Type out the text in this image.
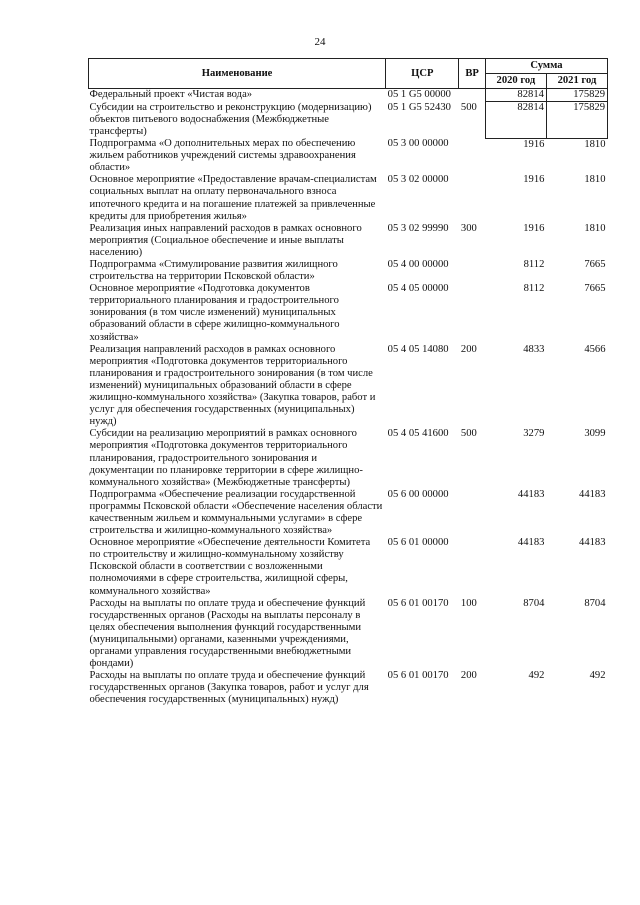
24
Наименование	ЦСР	ВР	Сумма	
			2020 год	2021 год
Федеральный проект «Чистая вода»	05 1 G5 00000		82814	175829
Субсидии на строительство и реконструкцию (модернизацию) объектов питьевого водоснабжения (Межбюджетные трансферты)	05 1 G5 52430	500	82814	175829
Подпрограмма «О дополнительных мерах по обеспечению жильем работников учреждений системы здравоохранения области»	05 3 00 00000		1916	1810
Основное мероприятие «Предоставление врачам-специалистам социальных выплат на оплату первоначального взноса ипотечного кредита и на погашение платежей за привлеченные кредиты для приобретения жилья»	05 3 02 00000		1916	1810
Реализация иных направлений расходов в рамках основного мероприятия (Социальное обеспечение и иные выплаты населению)	05 3 02 99990	300	1916	1810
Подпрограмма «Стимулирование развития жилищного строительства на территории Псковской области»	05 4 00 00000		8112	7665
Основное мероприятие «Подготовка документов территориального планирования и градостроительного зонирования (в том числе изменений) муниципальных образований области в сфере жилищно-коммунального хозяйства»	05 4 05 00000		8112	7665
Реализация направлений расходов в рамках основного мероприятия «Подготовка документов территориального планирования и градостроительного зонирования (в том числе изменений) муниципальных образований области в сфере жилищно-коммунального хозяйства» (Закупка товаров, работ и услуг для обеспечения государственных (муниципальных) нужд)	05 4 05 14080	200	4833	4566
Субсидии на реализацию мероприятий в рамках основного мероприятия «Подготовка документов территориального планирования, градостроительного зонирования и документации по планировке территории в сфере жилищно-коммунального хозяйства» (Межбюджетные трансферты)	05 4 05 41600	500	3279	3099
Подпрограмма «Обеспечение реализации государственной программы Псковской области «Обеспечение населения области качественным жильем и коммунальными услугами» в сфере строительства и жилищно-коммунального хозяйства»	05 6 00 00000		44183	44183
Основное мероприятие «Обеспечение деятельности Комитета по строительству и жилищно-коммунальному хозяйству Псковской области в соответствии с возложенными полномочиями в сфере строительства, жилищной сферы, коммунального хозяйства»	05 6 01 00000		44183	44183
Расходы на выплаты по оплате труда и обеспечение функций государственных органов (Расходы на выплаты персоналу в целях обеспечения выполнения функций государственными (муниципальными) органами, казенными учреждениями, органами управления государственными внебюджетными фондами)	05 6 01 00170	100	8704	8704
Расходы на выплаты по оплате труда и обеспечение функций государственных органов (Закупка товаров, работ и услуг для обеспечения государственных (муниципальных) нужд)	05 6 01 00170	200	492	492
